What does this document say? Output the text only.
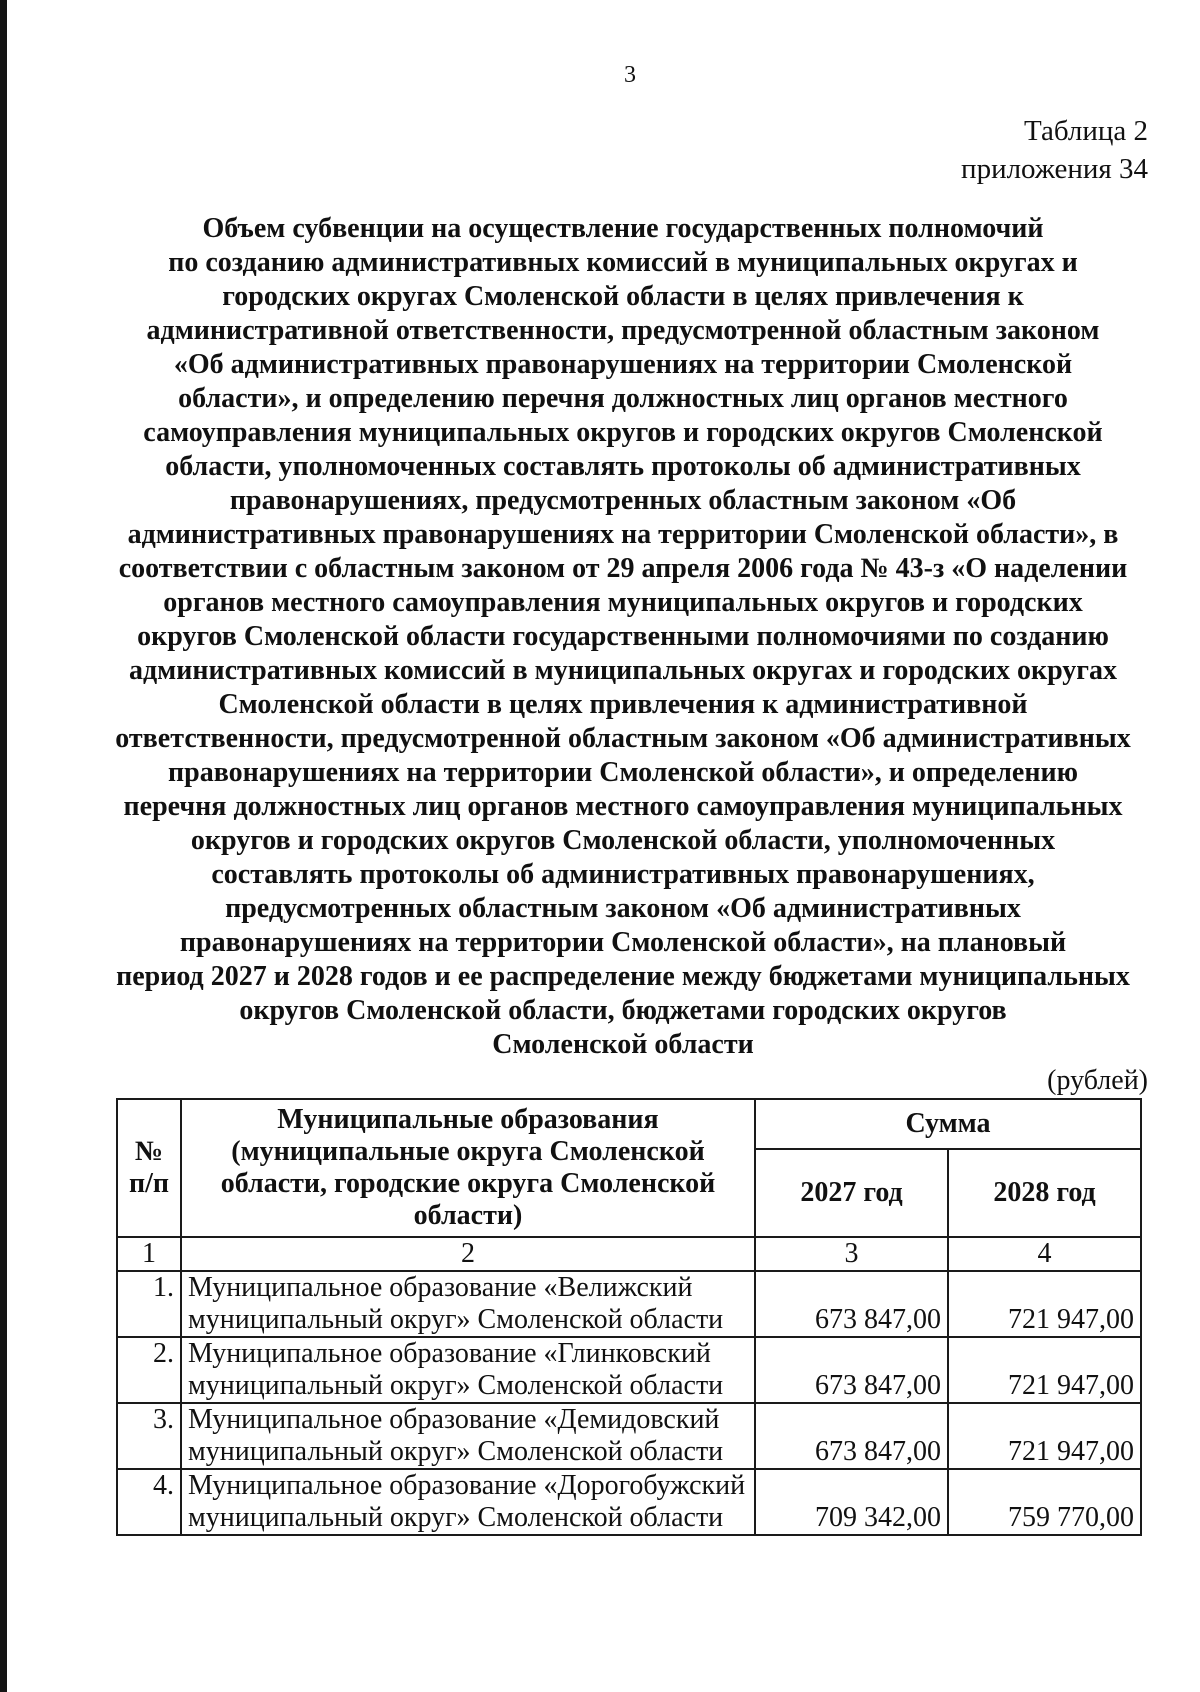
3
Таблица 2
приложения 34
Объем субвенции на осуществление государственных полномочий
по созданию административных комиссий в муниципальных округах и
городских округах Смоленской области в целях привлечения к
административной ответственности, предусмотренной областным законом
«Об административных правонарушениях на территории Смоленской
области», и определению перечня должностных лиц органов местного
самоуправления муниципальных округов и городских округов Смоленской
области, уполномоченных составлять протоколы об административных
правонарушениях, предусмотренных областным законом «Об
административных правонарушениях на территории Смоленской области», в
соответствии с областным законом от 29 апреля 2006 года № 43-з «О наделении
органов местного самоуправления муниципальных округов и городских
округов Смоленской области государственными полномочиями по созданию
административных комиссий в муниципальных округах и городских округах
Смоленской области в целях привлечения к административной
ответственности, предусмотренной областным законом «Об административных
правонарушениях на территории Смоленской области», и определению
перечня должностных лиц органов местного самоуправления муниципальных
округов и городских округов Смоленской области, уполномоченных
составлять протоколы об административных правонарушениях,
предусмотренных областным законом «Об административных
правонарушениях на территории Смоленской области», на плановый
период 2027 и 2028 годов и ее распределение между бюджетами муниципальных
округов Смоленской области, бюджетами городских округов
Смоленской области
(рублей)
№
п/п	Муниципальные образования (муниципальные округа Смоленской области, городские округа Смоленской области)	Сумма	
		2027 год	2028 год
1	2	3	4
1.	Муниципальное образование «Велижский муниципальный округ» Смоленской области	673 847,00	721 947,00
2.	Муниципальное образование «Глинковский муниципальный округ» Смоленской области	673 847,00	721 947,00
3.	Муниципальное образование «Демидовский муниципальный округ» Смоленской области	673 847,00	721 947,00
4.	Муниципальное образование «Дорогобужский муниципальный округ» Смоленской области	709 342,00	759 770,00
